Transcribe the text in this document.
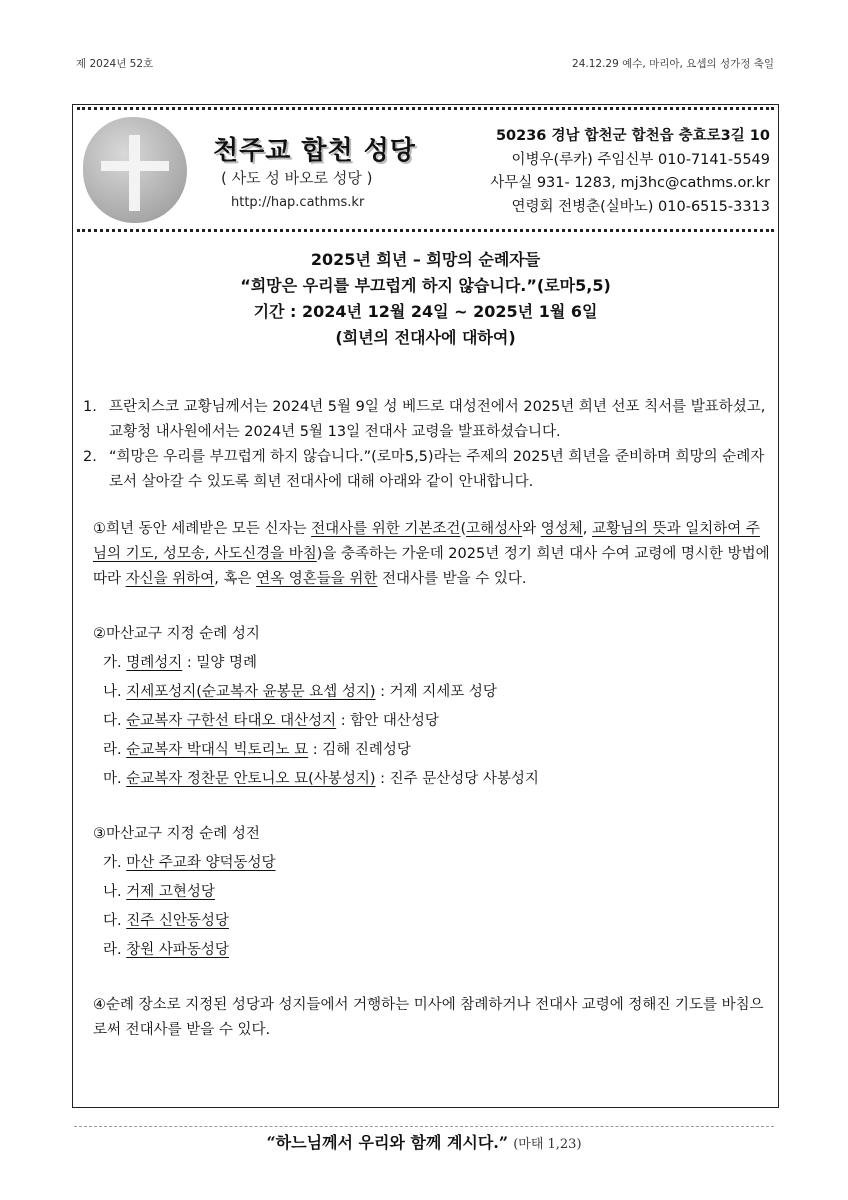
제 2024년 52호	24.12.29 예수, 마리아, 요셉의 성가정 축일
천주교 합천 성당
( 사도 성 바오로 성당 )
http://hap.cathms.kr
50236 경남 합천군 합천읍 충효로3길 10
이병우(루카) 주임신부 010-7141-5549
사무실 931- 1283, mj3hc@cathms.or.kr
연령회 전병춘(실바노) 010-6515-3313
2025년 희년 – 희망의 순례자들
“희망은 우리를 부끄럽게 하지 않습니다.”(로마5,5)
기간 : 2024년 12월 24일 ~ 2025년 1월 6일
(희년의 전대사에 대하여)
1. 프란치스코 교황님께서는 2024년 5월 9일 성 베드로 대성전에서 2025년 희년 선포 칙서를 발표하셨고, 교황청 내사원에서는 2024년 5월 13일 전대사 교령을 발표하셨습니다.
2. “희망은 우리를 부끄럽게 하지 않습니다.”(로마5,5)라는 주제의 2025년 희년을 준비하며 희망의 순례자로서 살아갈 수 있도록 희년 전대사에 대해 아래와 같이 안내합니다.
①희년 동안 세례받은 모든 신자는 전대사를 위한 기본조건(고해성사와 영성체, 교황님의 뜻과 일치하여 주님의 기도, 성모송, 사도신경을 바침)을 충족하는 가운데 2025년 정기 희년 대사 수여 교령에 명시한 방법에 따라 자신을 위하여, 혹은 연옥 영혼들을 위한 전대사를 받을 수 있다.
②마산교구 지정 순례 성지
가. 명례성지 : 밀양 명례
나. 지세포성지(순교복자 윤봉문 요셉 성지) : 거제 지세포 성당
다. 순교복자 구한선 타대오 대산성지 : 함안 대산성당
라. 순교복자 박대식 빅토리노 묘 : 김해 진례성당
마. 순교복자 정찬문 안토니오 묘(사봉성지) : 진주 문산성당 사봉성지
③마산교구 지정 순례 성전
가. 마산 주교좌 양덕동성당
나. 거제 고현성당
다. 진주 신안동성당
라. 창원 사파동성당
④순례 장소로 지정된 성당과 성지들에서 거행하는 미사에 참례하거나 전대사 교령에 정해진 기도를 바침으로써 전대사를 받을 수 있다.
“하느님께서 우리와 함께 계시다.” (마태 1,23)
